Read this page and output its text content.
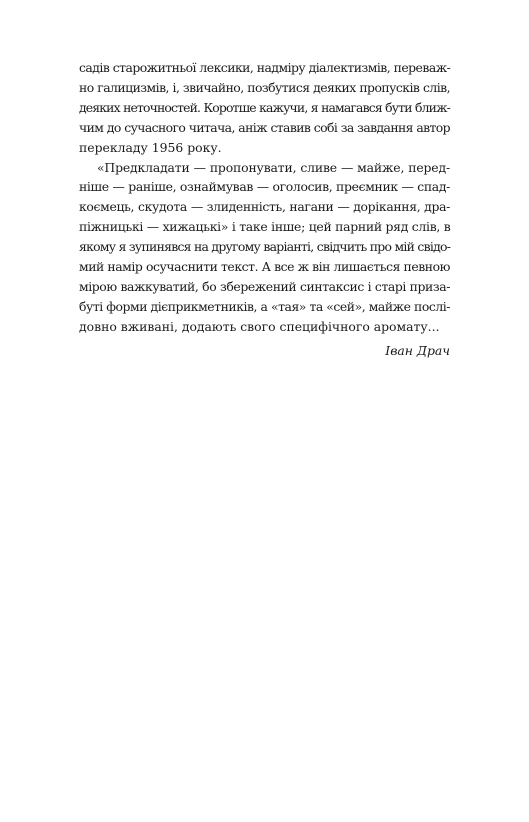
садів старожитньої лексики, надміру діалектизмів, переваж-
но галицизмів, і, звичайно, позбутися деяких пропусків слів,
деяких неточностей. Коротше кажучи, я намагався бути ближ-
чим до сучасного читача, аніж ставив собі за завдання автор
перекладу 1956 року.
«Предкладати — пропонувати, сливе — майже, перед-
ніше — раніше, ознаймував — оголосив, преємник — спад-
коємець, скудота — злиденність, нагани — дорікання, дра-
піжницькі — хижацькі» і таке інше; цей парний ряд слів, в
якому я зупинявся на другому варіанті, свідчить про мій свідо-
мий намір осучаснити текст. А все ж він лишається певною
мірою важкуватий, бо збережений синтаксис і старі призa-
буті форми дієприкметників, а «тая» та «сей», майже послі-
довно вживані, додають свого специфічного аромату...
Іван Драч
